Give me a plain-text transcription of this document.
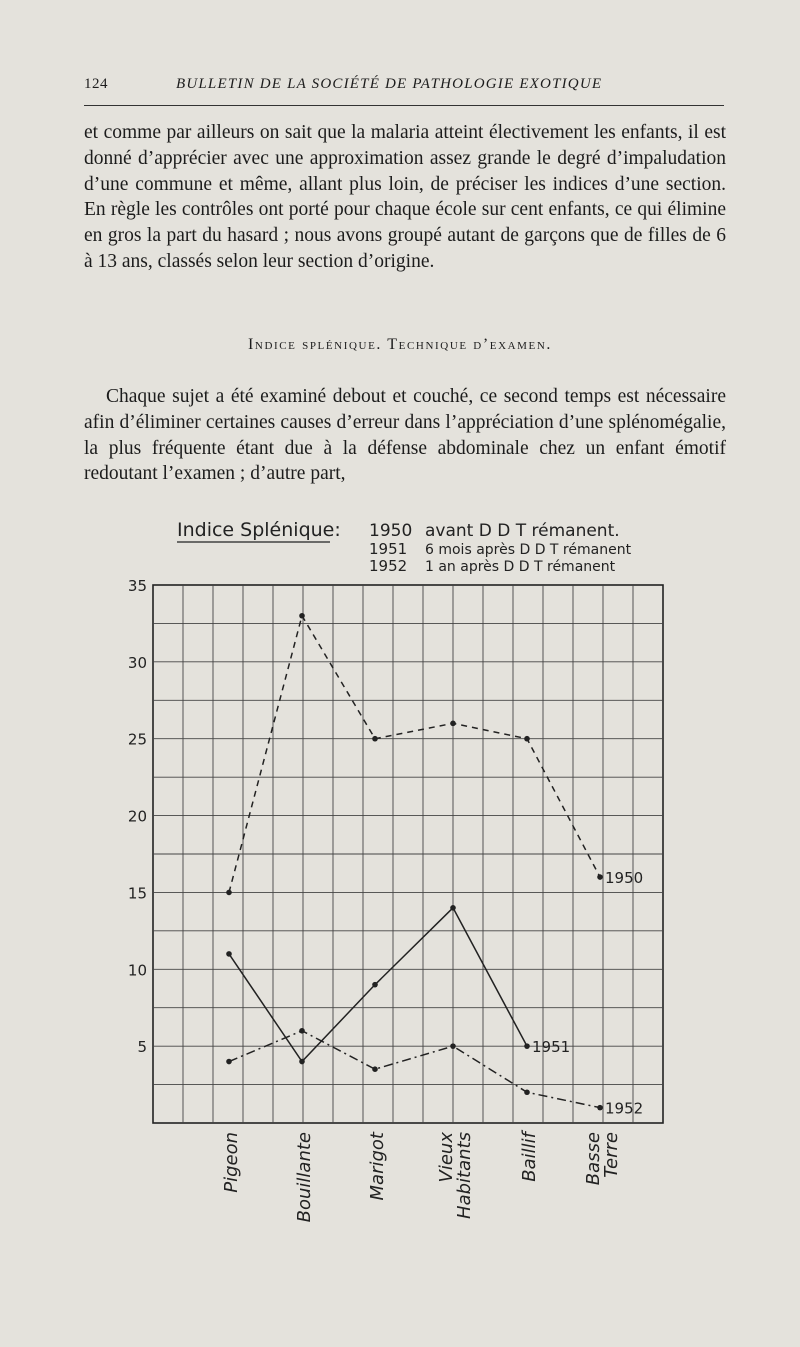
124	BULLETIN DE LA SOCIÉTÉ DE PATHOLOGIE EXOTIQUE

et comme par ailleurs on sait que la malaria atteint électivement les enfants, il est donné d’apprécier avec une approximation assez grande le degré d’impaludation d’une commune et même, allant plus loin, de préciser les indices d’une section. En règle les contrôles ont porté pour chaque école sur cent enfants, ce qui élimine en gros la part du hasard ; nous avons groupé autant de garçons que de filles de 6 à 13 ans, classés selon leur section d’origine.

Indice splénique. Technique d’examen.

Chaque sujet a été examiné debout et couché, ce second temps est nécessaire afin d’éliminer certaines causes d’erreur dans l’appréciation d’une splénomégalie, la plus fréquente étant due à la défense abdominale chez un enfant émotif redoutant l’examen ; d’autre part,

5
10
15
20
25
30
35
Pigeon	Bouillante	Marigot	Vieux
Habitants Baillif Basse
Terre
Indice Splénique: 1950 avant D D T rémanent.
1951 6 mois après D D T rémanent
1952 1 an après D D T rémanent
1950
1951
1952
